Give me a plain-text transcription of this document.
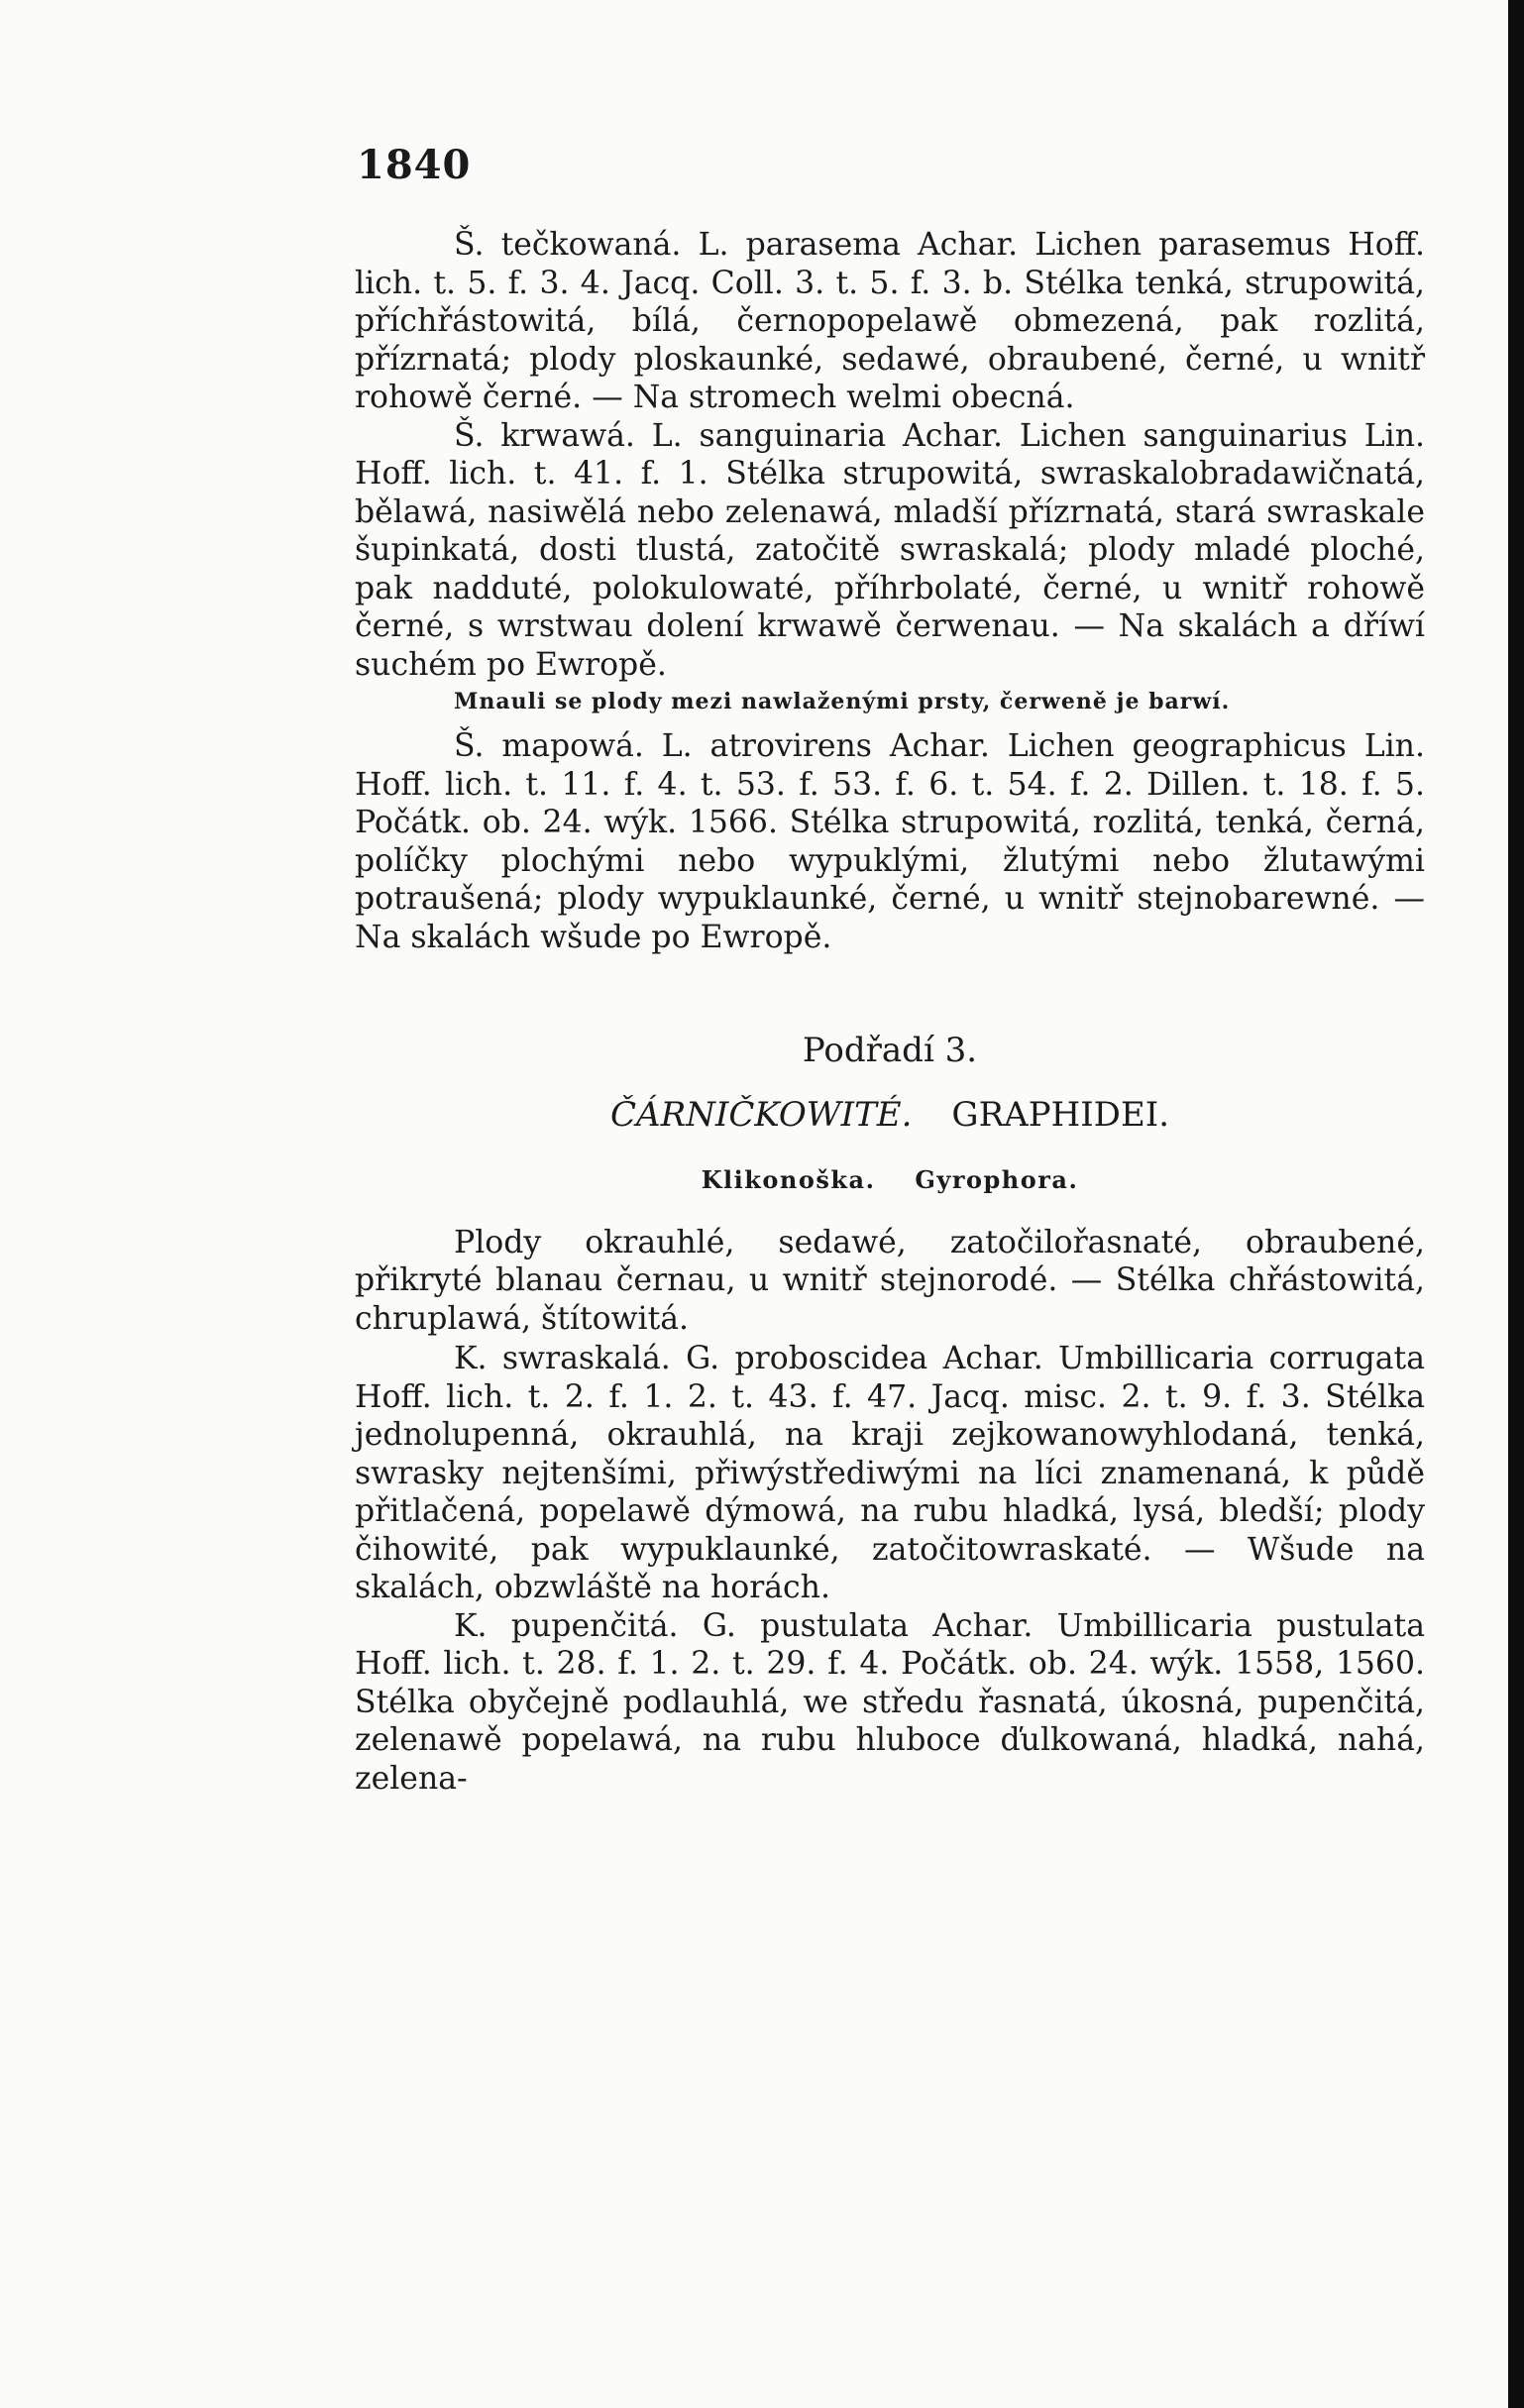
1840

Š. tečkowaná. L. parasema Achar. Lichen parasemus Hoff. lich. t. 5. f. 3. 4. Jacq. Coll. 3. t. 5. f. 3. b. Stélka tenká, strupowitá, příchřástowitá, bílá, černopopelawě obmezená, pak rozlitá, přízrnatá; plody ploskaunké, sedawé, obraubené, černé, u wnitř rohowě černé. — Na stromech welmi obecná.

Š. krwawá. L. sanguinaria Achar. Lichen sanguinarius Lin. Hoff. lich. t. 41. f. 1. Stélka strupowitá, swraskalobradawičnatá, bělawá, nasiwělá nebo zelenawá, mladší přízrnatá, stará swraskale šupinkatá, dosti tlustá, zatočitě swraskalá; plody mladé ploché, pak nadduté, polokulowaté, příhrbolaté, černé, u wnitř rohowě černé, s wrstwau dolení krwawě čerwenau. — Na skalách a dříwí suchém po Ewropě.

Mnauli se plody mezi nawlaženými prsty, čerweně je barwí.

Š. mapowá. L. atrovirens Achar. Lichen geographicus Lin. Hoff. lich. t. 11. f. 4. t. 53. f. 53. f. 6. t. 54. f. 2. Dillen. t. 18. f. 5. Počátk. ob. 24. wýk. 1566. Stélka strupowitá, rozlitá, tenká, černá, políčky plochými nebo wypuklými, žlutými nebo žlutawými potraušená; plody wypuklaunké, černé, u wnitř stejnobarewné. — Na skalách wšude po Ewropě.

Podřadí 3.

ČÁRNIČKOWITÉ. GRAPHIDEI.

Klikonoška. Gyrophora.

Plody okrauhlé, sedawé, zatočilořasnaté, obraubené, přikryté blanau černau, u wnitř stejnorodé. — Stélka chřástowitá, chruplawá, štítowitá.

K. swraskalá. G. proboscidea Achar. Umbillicaria corrugata Hoff. lich. t. 2. f. 1. 2. t. 43. f. 47. Jacq. misc. 2. t. 9. f. 3. Stélka jednolupenná, okrauhlá, na kraji zejkowanowyhlodaná, tenká, swrasky nejtenšími, přiwýstřediwými na líci znamenaná, k půdě přitlačená, popelawě dýmowá, na rubu hladká, lysá, bledší; plody čihowité, pak wypuklaunké, zatočitowraskaté. — Wšude na skalách, obzwláště na horách.

K. pupenčitá. G. pustulata Achar. Umbillicaria pustulata Hoff. lich. t. 28. f. 1. 2. t. 29. f. 4. Počátk. ob. 24. wýk. 1558, 1560. Stélka obyčejně podlauhlá, we středu řasnatá, úkosná, pupenčitá, zelenawě popelawá, na rubu hluboce ďulkowaná, hladká, nahá, zelena-
